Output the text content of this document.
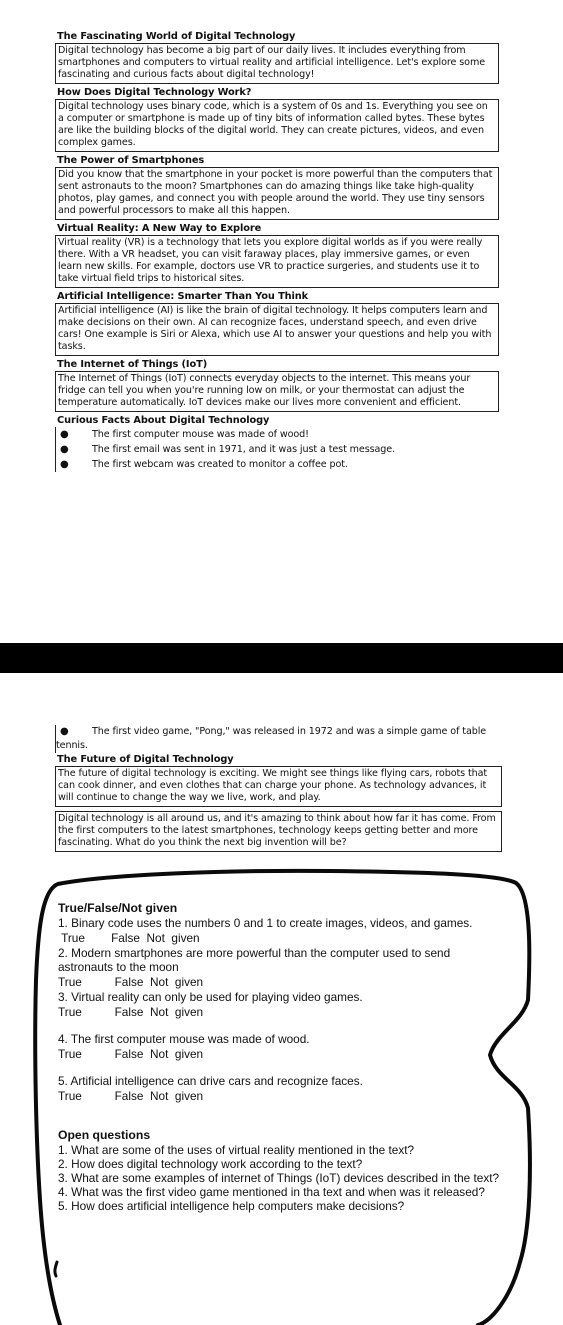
The Fascinating World of Digital Technology
Digital technology has become a big part of our daily lives. It includes everything from smartphones and computers to virtual reality and artificial intelligence. Let's explore some fascinating and curious facts about digital technology!
How Does Digital Technology Work?
Digital technology uses binary code, which is a system of 0s and 1s. Everything you see on a computer or smartphone is made up of tiny bits of information called bytes. These bytes are like the building blocks of the digital world. They can create pictures, videos, and even complex games.
The Power of Smartphones
Did you know that the smartphone in your pocket is more powerful than the computers that sent astronauts to the moon? Smartphones can do amazing things like take high-quality photos, play games, and connect you with people around the world. They use tiny sensors and powerful processors to make all this happen.
Virtual Reality: A New Way to Explore
Virtual reality (VR) is a technology that lets you explore digital worlds as if you were really there. With a VR headset, you can visit faraway places, play immersive games, or even learn new skills. For example, doctors use VR to practice surgeries, and students use it to take virtual field trips to historical sites.
Artificial Intelligence: Smarter Than You Think
Artificial intelligence (AI) is like the brain of digital technology. It helps computers learn and make decisions on their own. AI can recognize faces, understand speech, and even drive cars! One example is Siri or Alexa, which use AI to answer your questions and help you with tasks.
The Internet of Things (IoT)
The Internet of Things (IoT) connects everyday objects to the internet. This means your fridge can tell you when you're running low on milk, or your thermostat can adjust the temperature automatically. IoT devices make our lives more convenient and efficient.
Curious Facts About Digital Technology
● The first computer mouse was made of wood!
● The first email was sent in 1971, and it was just a test message.
● The first webcam was created to monitor a coffee pot.
● The first video game, "Pong," was released in 1972 and was a simple game of table tennis.
The Future of Digital Technology
The future of digital technology is exciting. We might see things like flying cars, robots that can cook dinner, and even clothes that can charge your phone. As technology advances, it will continue to change the way we live, work, and play.
Digital technology is all around us, and it's amazing to think about how far it has come. From the first computers to the latest smartphones, technology keeps getting better and more fascinating. What do you think the next big invention will be?
True/False/Not given
1. Binary code uses the numbers 0 and 1 to create images, videos, and games.
True        False  Not  given
2. Modern smartphones are more powerful than the computer used to send astronauts to the moon
True          False  Not  given
3. Virtual reality can only be used for playing video games.
True          False  Not  given
4. The first computer mouse was made of wood.
True          False  Not  given
5. Artificial intelligence can drive cars and recognize faces.
True          False  Not  given
Open questions
1. What are some of the uses of virtual reality mentioned in the text?
2. How does digital technology work according to the text?
3. What are some examples of internet of Things (IoT) devices described in the text?
4. What was the first video game mentioned in tha text and when was it released?
5. How does artificial intelligence help computers make decisions?
